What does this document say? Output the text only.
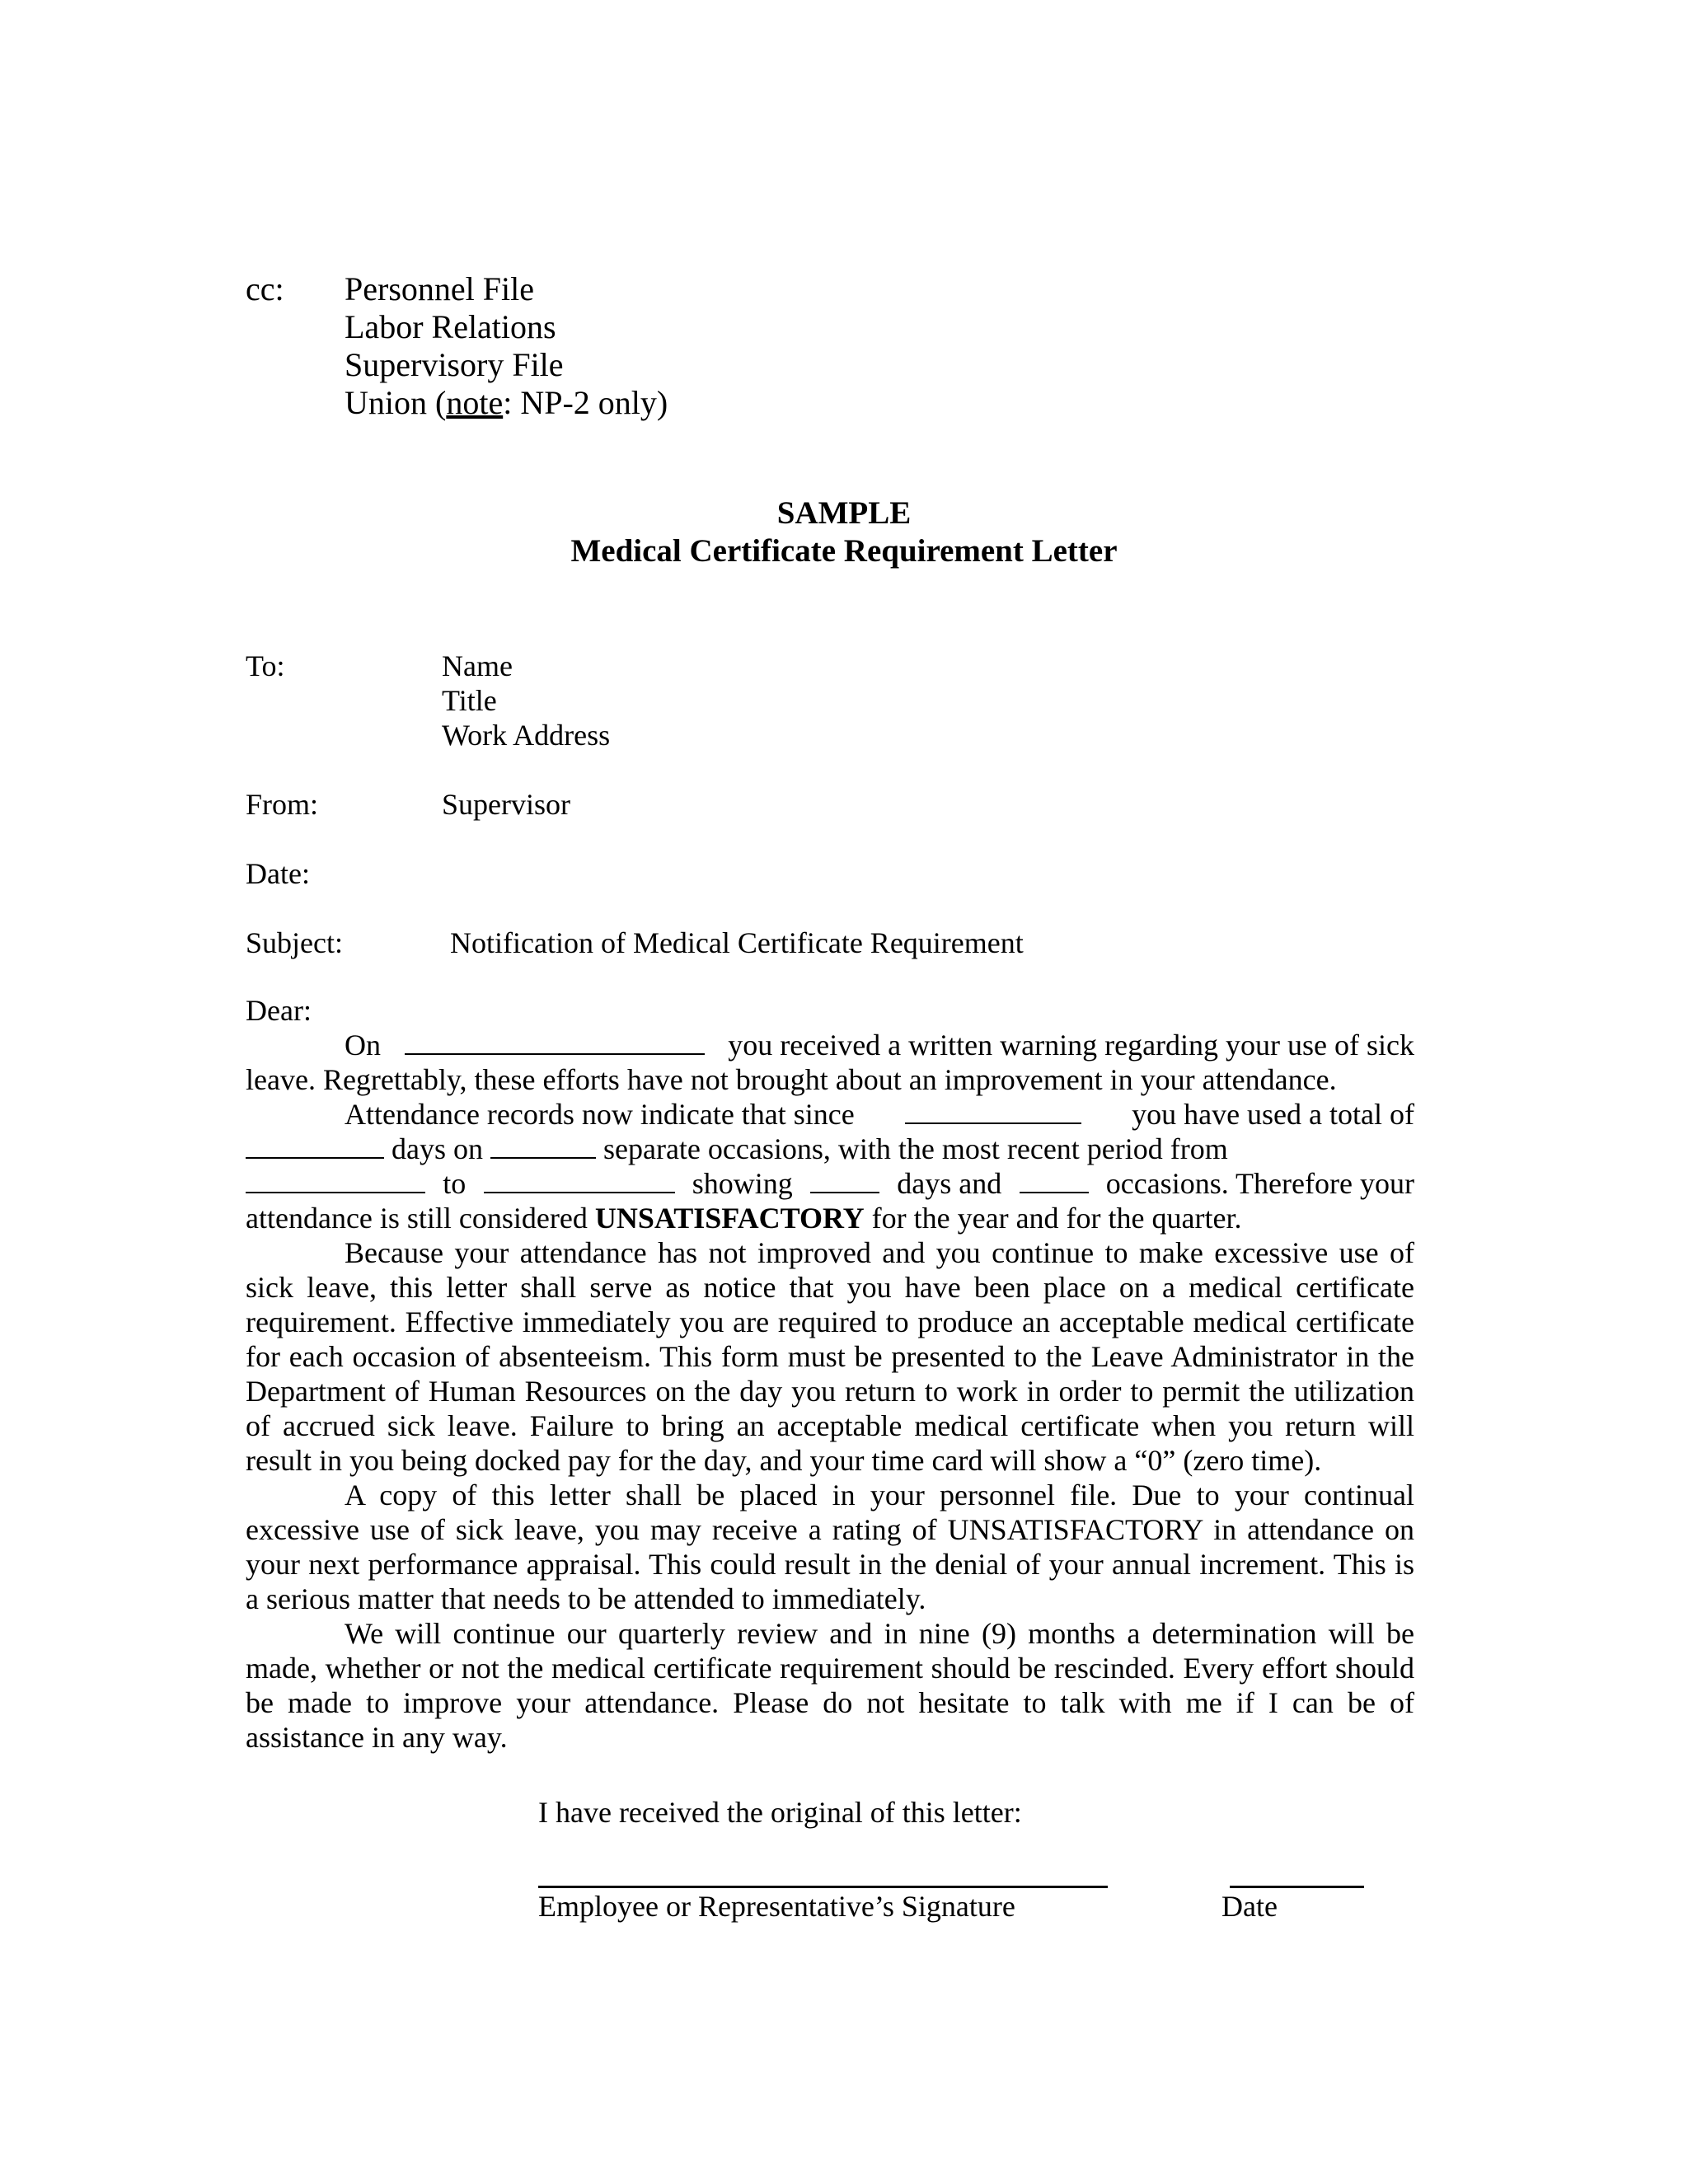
cc: Personnel File
Labor Relations
Supervisory File
Union (note: NP-2 only)
SAMPLE
Medical Certificate Requirement Letter
To:	Name
Title
Work Address
From:	Supervisor
Date:
Subject:	Notification of Medical Certificate Requirement

Dear:

On	you received a written warning regarding your use of sick
leave. Regrettably, these efforts have not brought about an improvement in your attendance.
Attendance records now indicate that since	you have used a total of
days on	separate occasions, with the most recent period from
to	showing	days and	occasions. Therefore your
attendance is still considered UNSATISFACTORY for the year and for the quarter.

Because your attendance has not improved and you continue to make excessive use of sick leave, this letter shall serve as notice that you have been place on a medical certificate requirement. Effective immediately you are required to produce an acceptable medical certificate for each occasion of absenteeism. This form must be presented to the Leave Administrator in the Department of Human Resources on the day you return to work in order to permit the utilization of accrued sick leave. Failure to bring an acceptable medical certificate when you return will result in you being docked pay for the day, and your time card will show a “0” (zero time).

A copy of this letter shall be placed in your personnel file. Due to your continual excessive use of sick leave, you may receive a rating of UNSATISFACTORY in attendance on your next performance appraisal. This could result in the denial of your annual increment. This is a serious matter that needs to be attended to immediately.

We will continue our quarterly review and in nine (9) months a determination will be made, whether or not the medical certificate requirement should be rescinded. Every effort should be made to improve your attendance. Please do not hesitate to talk with me if I can be of assistance in any way.

I have received the original of this letter:
Employee or Representative’s Signature	Date
